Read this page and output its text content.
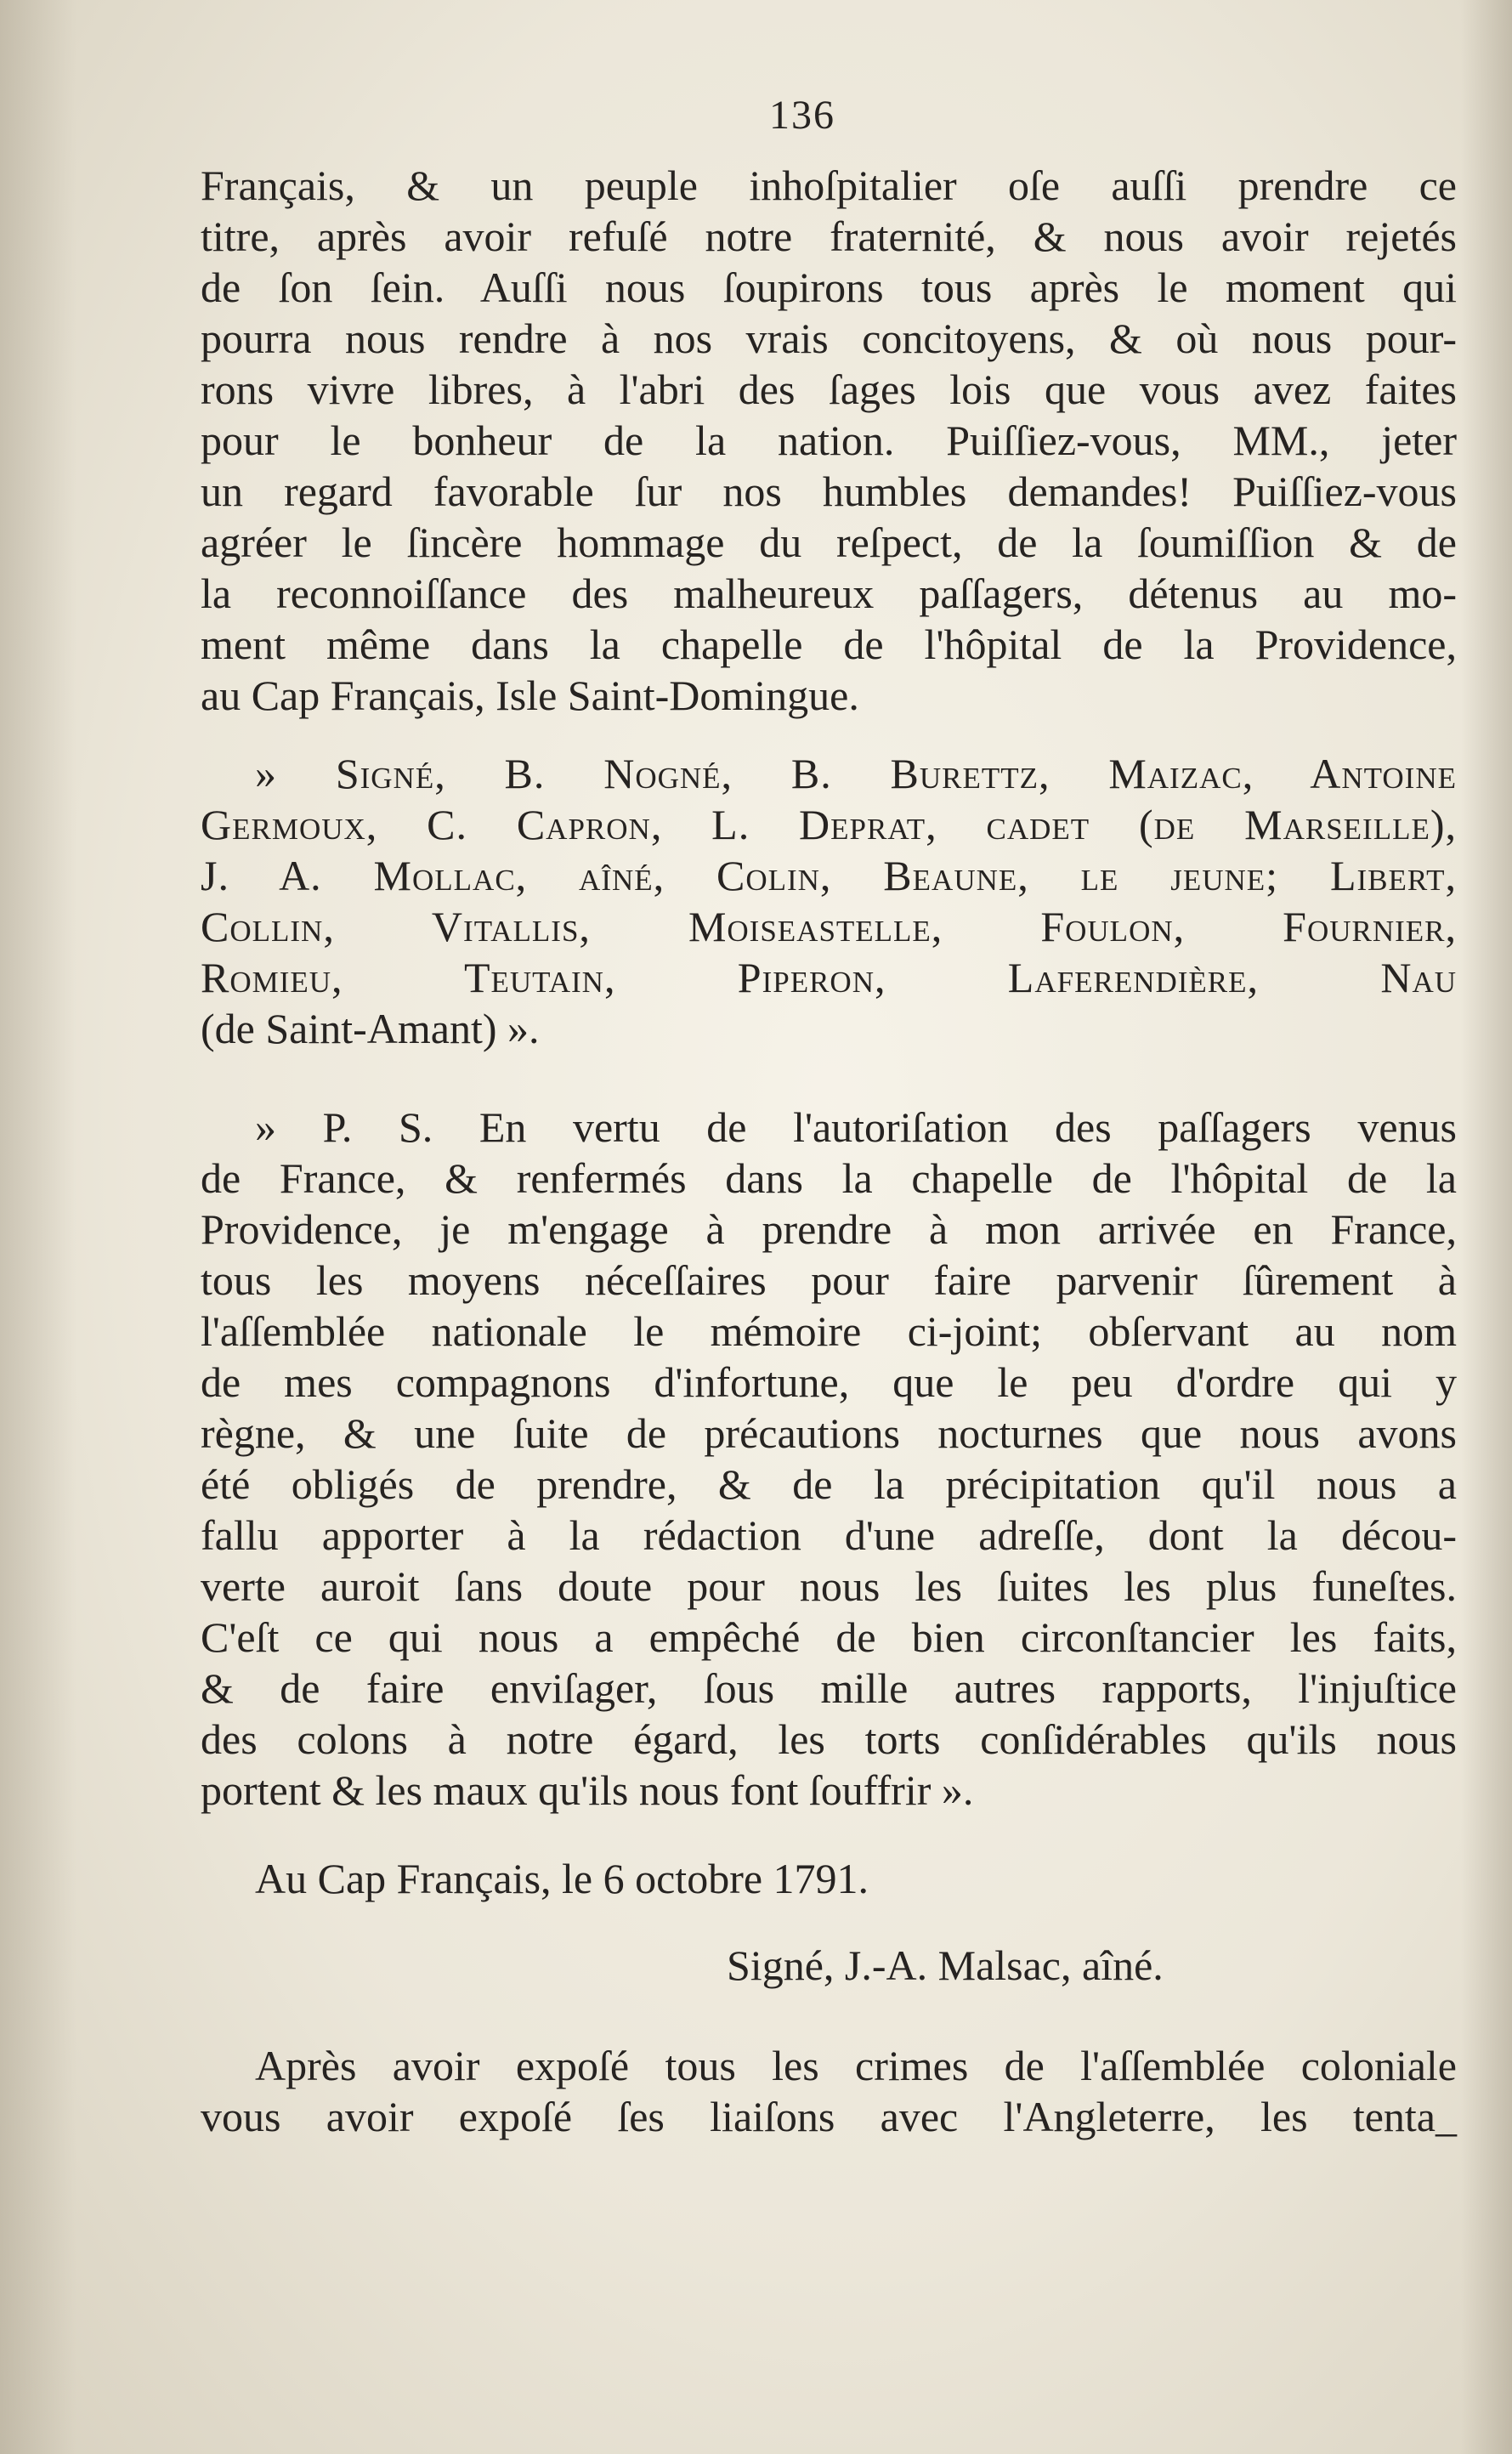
136
Français, & un peuple inhoſpitalier oſe auſſi prendre ce
titre, après avoir refuſé notre fraternité, & nous avoir rejetés
de ſon ſein. Auſſi nous ſoupirons tous après le moment qui
pourra nous rendre à nos vrais concitoyens, & où nous pour-
rons vivre libres, à l'abri des ſages lois que vous avez faites
pour le bonheur de la nation. Puiſſiez-vous, MM., jeter
un regard favorable ſur nos humbles demandes! Puiſſiez-vous
agréer le ſincère hommage du reſpect, de la ſoumiſſion & de
la reconnoiſſance des malheureux paſſagers, détenus au mo-
ment même dans la chapelle de l'hôpital de la Providence,
au Cap Français, Isle Saint-Domingue.
» Signé, B. Nogné, B. Burettz, Maizac, Antoine
Germoux, C. Capron, L. Deprat, cadet (de Marſeille),
J. A. Mollac, aîné, Colin, Beaune, le jeune; Libert,
Collin, Vitallis, Moiseastelle, Foulon, Fournier,
Romieu, Teutain, Piperon, Laferendière, Nau
(de Saint-Amant) ».
» P. S. En vertu de l'autoriſation des paſſagers venus
de France, & renfermés dans la chapelle de l'hôpital de la
Providence, je m'engage à prendre à mon arrivée en France,
tous les moyens néceſſaires pour faire parvenir ſûrement à
l'aſſemblée nationale le mémoire ci-joint; obſervant au nom
de mes compagnons d'infortune, que le peu d'ordre qui y
règne, & une ſuite de précautions nocturnes que nous avons
été obligés de prendre, & de la précipitation qu'il nous a
fallu apporter à la rédaction d'une adreſſe, dont la décou-
verte auroit ſans doute pour nous les ſuites les plus funeſtes.
C'eſt ce qui nous a empêché de bien circonſtancier les faits,
& de faire enviſager, ſous mille autres rapports, l'injuſtice
des colons à notre égard, les torts conſidérables qu'ils nous
portent & les maux qu'ils nous font ſouffrir ».
Au Cap Français, le 6 octobre 1791.
Signé, J.-A. Malsac, aîné.
Après avoir expoſé tous les crimes de l'aſſemblée coloniale
vous avoir expoſé ſes liaiſons avec l'Angleterre, les tenta_
